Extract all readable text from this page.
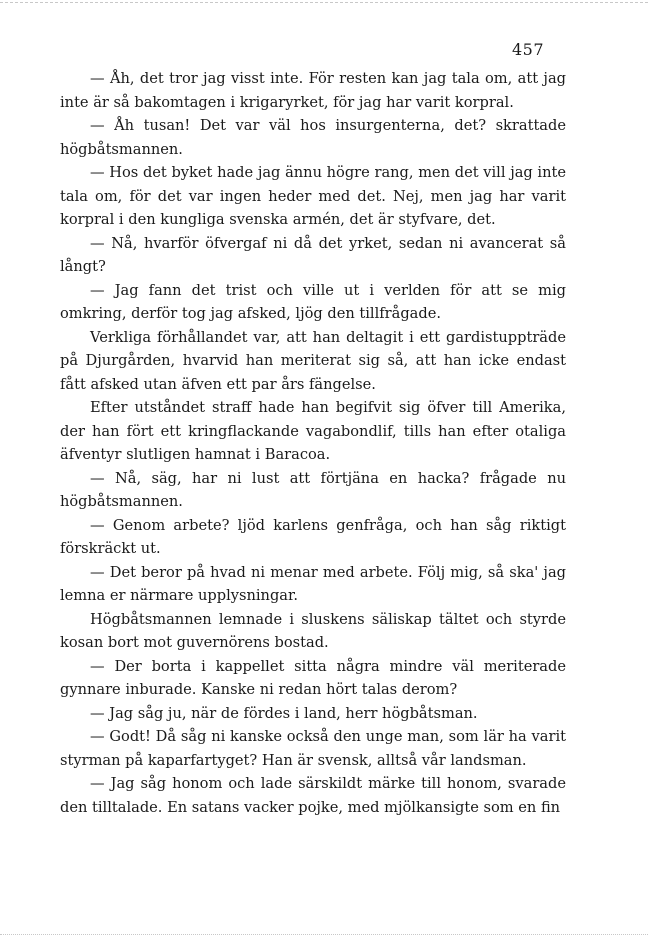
457

— Åh, det tror jag visst inte. För resten kan jag tala om, att jag inte är så bakomtagen i krigaryrket, för jag har varit korpral.

— Åh tusan! Det var väl hos insurgenterna, det? skrattade högbåtsmannen.

— Hos det byket hade jag ännu högre rang, men det vill jag inte tala om, för det var ingen heder med det. Nej, men jag har varit korpral i den kungliga svenska armén, det är styfvare, det.

— Nå, hvarför öfvergaf ni då det yrket, sedan ni avancerat så långt?

— Jag fann det trist och ville ut i verlden för att se mig omkring, derför tog jag afsked, ljög den tillfrågade.

Verkliga förhållandet var, att han deltagit i ett gardistuppträde på Djurgården, hvarvid han meriterat sig så, att han icke endast fått afsked utan äfven ett par års fängelse.

Efter utståndet straff hade han begifvit sig öfver till Amerika, der han fört ett kringflackande vagabondlif, tills han efter otaliga äfventyr slutligen hamnat i Baracoa.

— Nå, säg, har ni lust att förtjäna en hacka? frågade nu högbåtsmannen.

— Genom arbete? ljöd karlens genfråga, och han såg riktigt förskräckt ut.

— Det beror på hvad ni menar med arbete. Följ mig, så ska' jag lemna er närmare upplysningar.

Högbåtsmannen lemnade i sluskens säliskap tältet och styrde kosan bort mot guvernörens bostad.

— Der borta i kappellet sitta några mindre väl meriterade gynnare inburade. Kanske ni redan hört talas derom?

— Jag såg ju, när de fördes i land, herr högbåtsman.

— Godt! Då såg ni kanske också den unge man, som lär ha varit styrman på kaparfartyget? Han är svensk, alltså vår landsman.

— Jag såg honom och lade särskildt märke till honom, svarade den tilltalade. En satans vacker pojke, med mjölkansigte som en fin
